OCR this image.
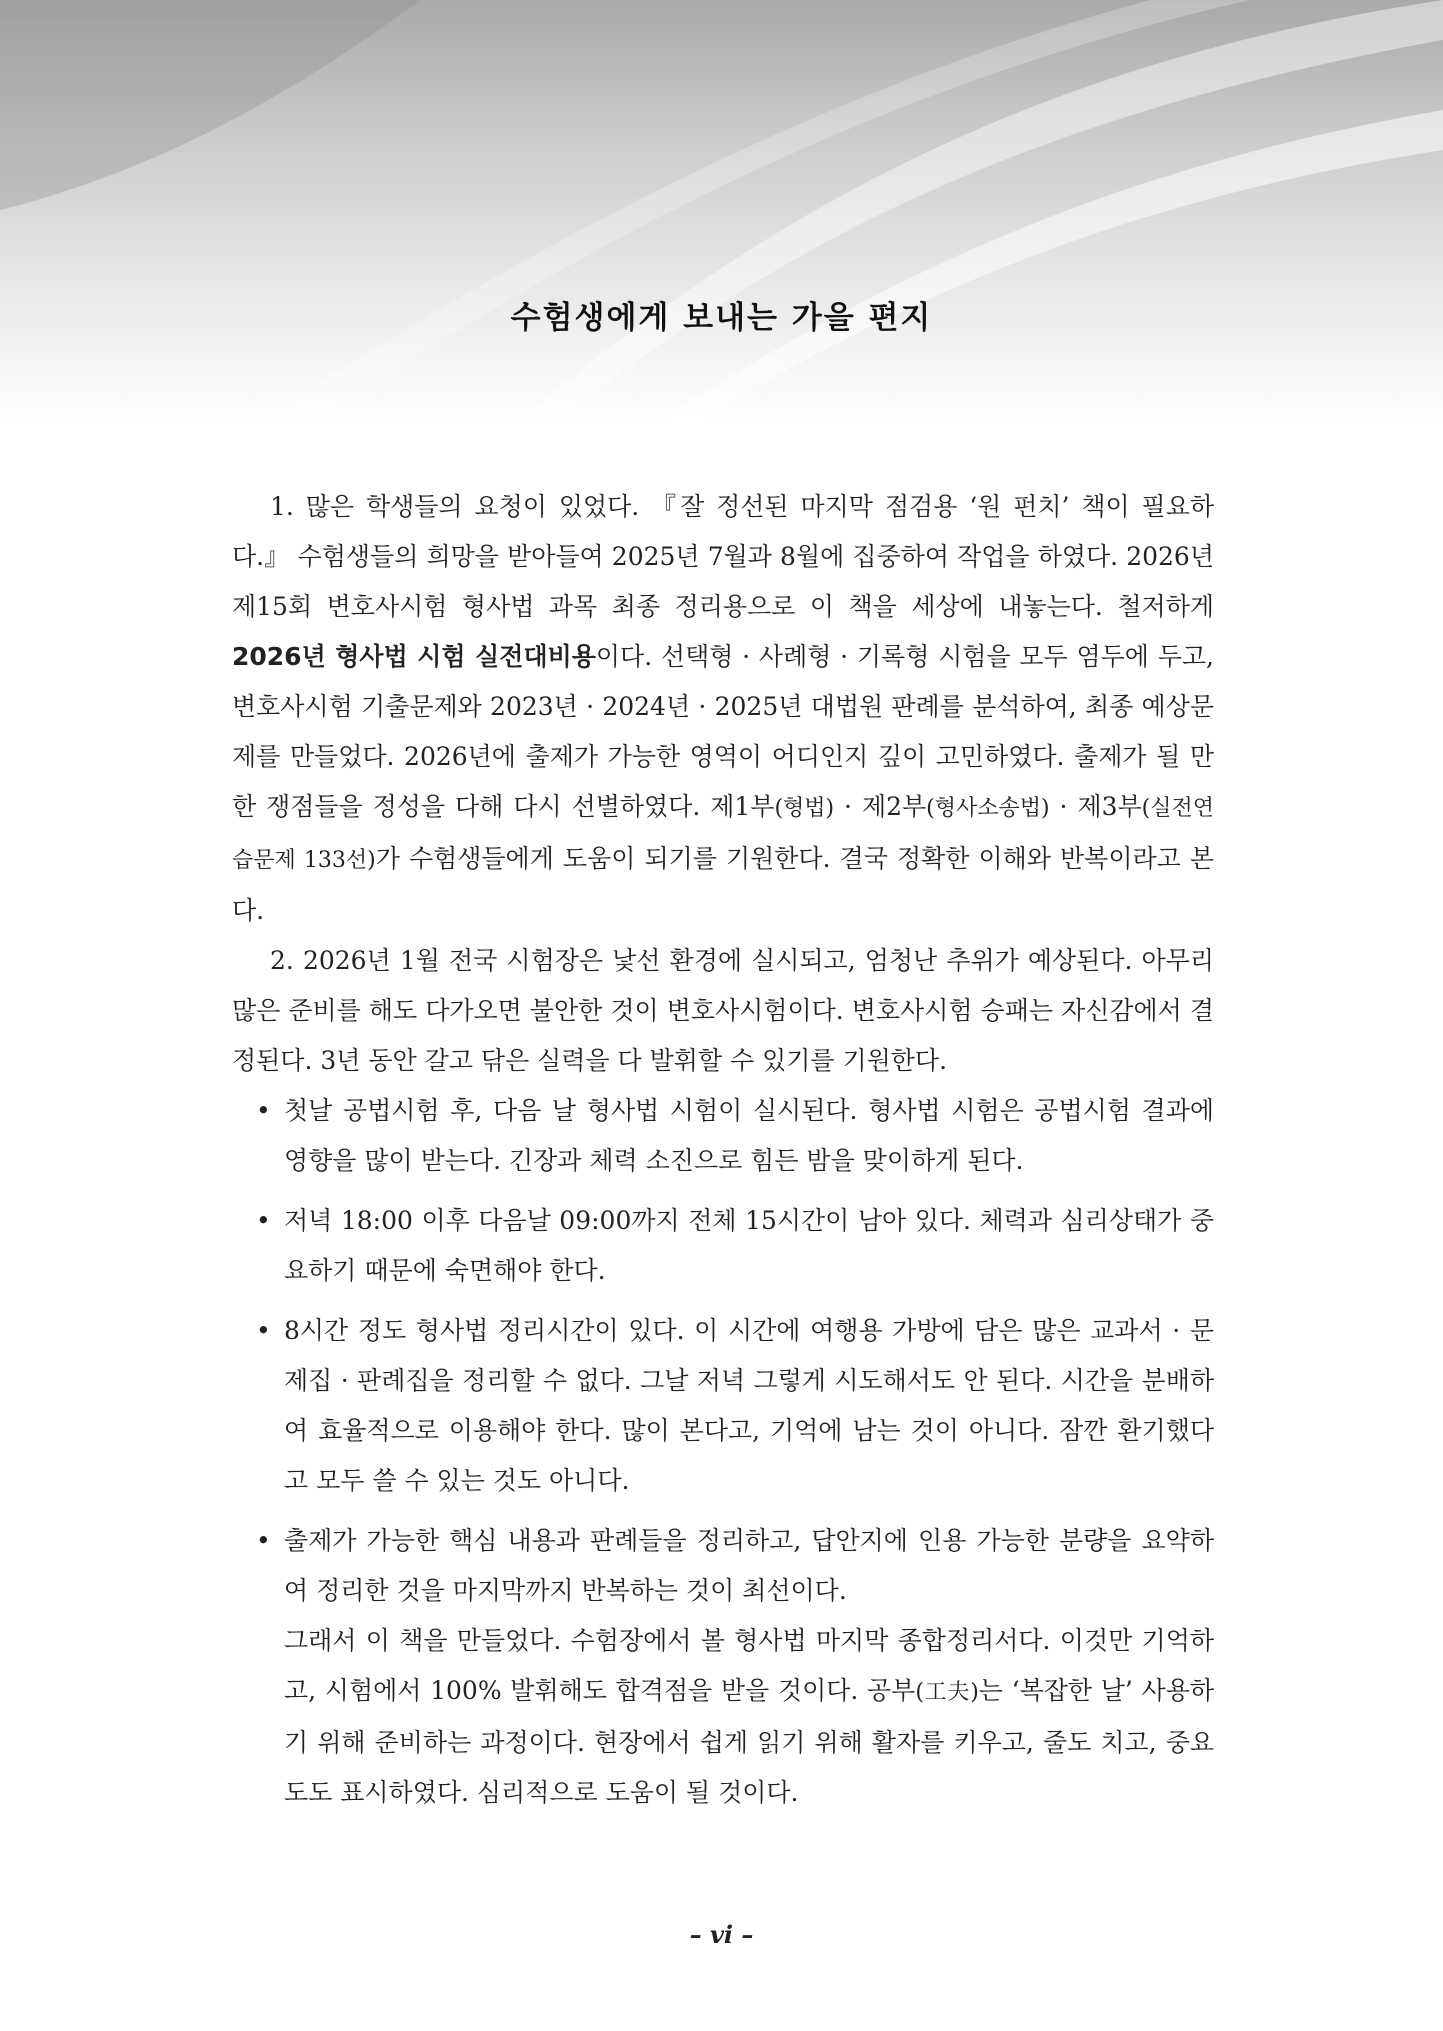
수험생에게 보내는 가을 편지

1. 많은 학생들의 요청이 있었다. 『잘 정선된 마지막 점검용 ‘원 펀치’ 책이 필요하다.』 수험생들의 희망을 받아들여 2025년 7월과 8월에 집중하여 작업을 하였다. 2026년 제15회 변호사시험 형사법 과목 최종 정리용으로 이 책을 세상에 내놓는다. 철저하게 2026년 형사법 시험 실전대비용이다. 선택형 · 사례형 · 기록형 시험을 모두 염두에 두고, 변호사시험 기출문제와 2023년 · 2024년 · 2025년 대법원 판례를 분석하여, 최종 예상문제를 만들었다. 2026년에 출제가 가능한 영역이 어디인지 깊이 고민하였다. 출제가 될 만한 쟁점들을 정성을 다해 다시 선별하였다. 제1부(형법) · 제2부(형사소송법) · 제3부(실전연습문제 133선)가 수험생들에게 도움이 되기를 기원한다. 결국 정확한 이해와 반복이라고 본다.

2. 2026년 1월 전국 시험장은 낯선 환경에 실시되고, 엄청난 추위가 예상된다. 아무리 많은 준비를 해도 다가오면 불안한 것이 변호사시험이다. 변호사시험 승패는 자신감에서 결정된다. 3년 동안 갈고 닦은 실력을 다 발휘할 수 있기를 기원한다.

• 첫날 공법시험 후, 다음 날 형사법 시험이 실시된다. 형사법 시험은 공법시험 결과에 영향을 많이 받는다. 긴장과 체력 소진으로 힘든 밤을 맞이하게 된다.
• 저녁 18:00 이후 다음날 09:00까지 전체 15시간이 남아 있다. 체력과 심리상태가 중요하기 때문에 숙면해야 한다.
• 8시간 정도 형사법 정리시간이 있다. 이 시간에 여행용 가방에 담은 많은 교과서 · 문제집 · 판례집을 정리할 수 없다. 그날 저녁 그렇게 시도해서도 안 된다. 시간을 분배하여 효율적으로 이용해야 한다. 많이 본다고, 기억에 남는 것이 아니다. 잠깐 환기했다고 모두 쓸 수 있는 것도 아니다.
• 출제가 가능한 핵심 내용과 판례들을 정리하고, 답안지에 인용 가능한 분량을 요약하여 정리한 것을 마지막까지 반복하는 것이 최선이다.

그래서 이 책을 만들었다. 수험장에서 볼 형사법 마지막 종합정리서다. 이것만 기억하고, 시험에서 100% 발휘해도 합격점을 받을 것이다. 공부(工夫)는 ‘복잡한 날’ 사용하기 위해 준비하는 과정이다. 현장에서 쉽게 읽기 위해 활자를 키우고, 줄도 치고, 중요도도 표시하였다. 심리적으로 도움이 될 것이다.

– vi –
